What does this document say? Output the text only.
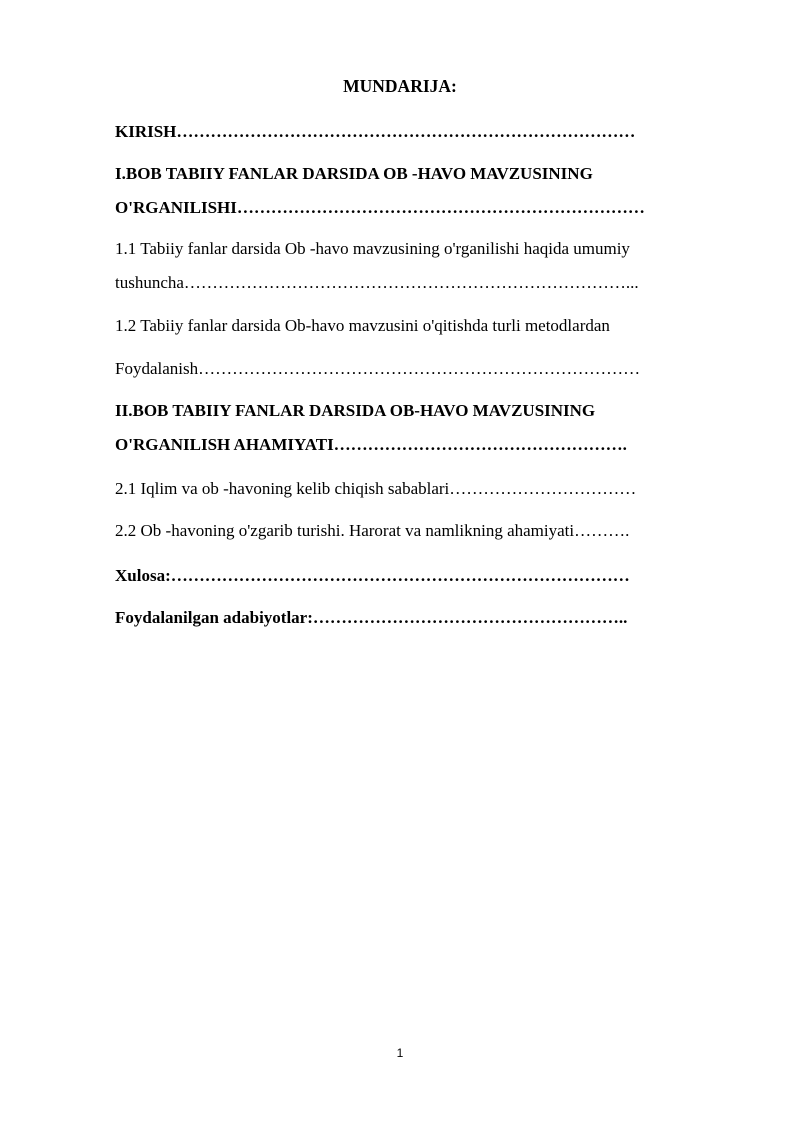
MUNDARIJA:
KIRISH………………………………………………………………………
I.BOB TABIIY FANLAR DARSIDA OB -HAVO MAVZUSINING
O'RGANILISHI………………………………………………………………
1.1 Tabiiy fanlar darsida Ob -havo mavzusining o'rganilishi haqida umumiy
tushuncha……………………………………………………………………...
1.2 Tabiiy fanlar darsida Ob-havo mavzusini o'qitishda turli metodlardan
Foydalanish……………………………………………………………………
II.BOB TABIIY FANLAR DARSIDA OB-HAVO MAVZUSINING
O'RGANILISH AHAMIYATI…………………………………………….
2.1 Iqlim va ob -havoning kelib chiqish sabablari……………………………
2.2 Ob -havoning o'zgarib turishi. Harorat va namlikning ahamiyati……….
Xulosa:………………………………………………………………………
Foydalanilgan adabiyotlar:………………………………………………..
1
